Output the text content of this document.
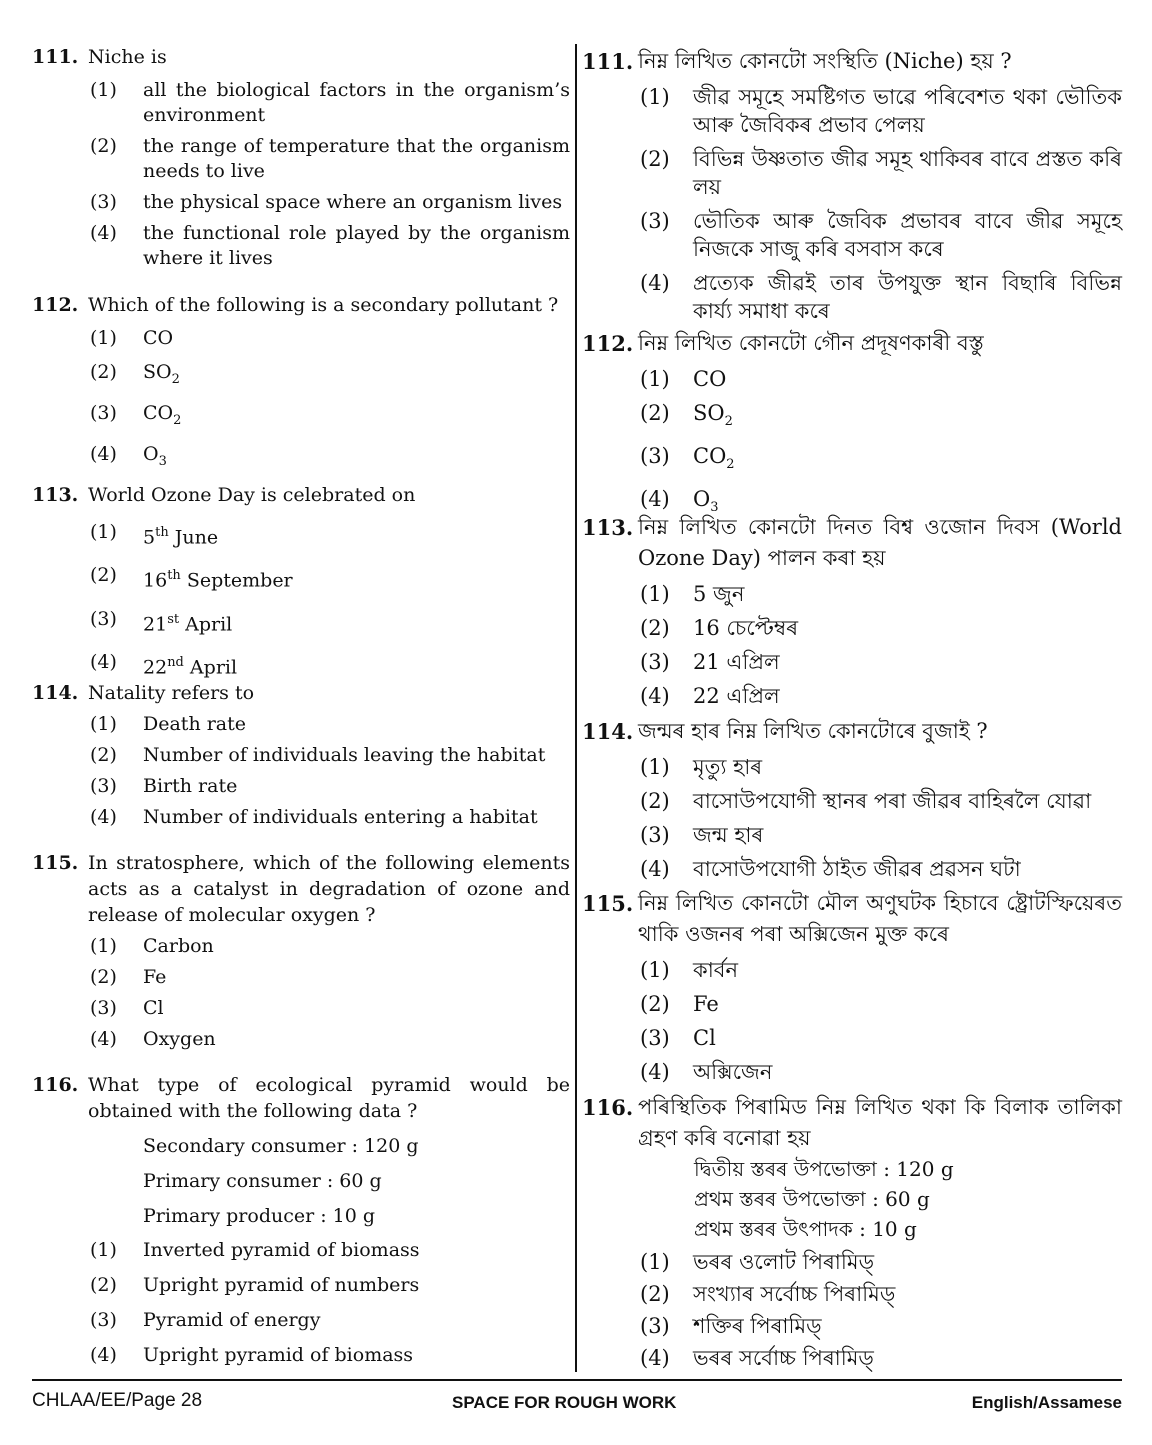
111. Niche is
(1)	all the biological factors in the organism’s environment
(2)	the range of temperature that the organism needs to live
(3)	the physical space where an organism lives
(4)	the functional role played by the organism where it lives
112. Which of the following is a secondary pollutant ?
(1)	CO
(2)	$SO_2$
(3)	$CO_2$
(4)	$O_3$
113. World Ozone Day is celebrated on
(1)	5th June
(2)	16th September
(3)	21st April
(4)	22nd April
114. Natality refers to
(1)	Death rate
(2)	Number of individuals leaving the habitat
(3)	Birth rate
(4)	Number of individuals entering a habitat
115. In stratosphere, which of the following elements acts as a catalyst in degradation of ozone and release of molecular oxygen ?
(1)	Carbon
(2)	Fe
(3)	Cl
(4)	Oxygen
116. What type of ecological pyramid would be obtained with the following data ?
Secondary consumer : 120 g
Primary consumer : 60 g
Primary producer : 10 g
(1)	Inverted pyramid of biomass
(2)	Upright pyramid of numbers
(3)	Pyramid of energy
(4)	Upright pyramid of biomass
111. নিম্ন লিখিত কোনটো সংস্থিতি (Niche) হয় ?
(1)	জীৱ সমূহে সমষ্টিগত ভাৱে পৰিবেশত থকা ভৌতিক আৰু জৈবিকৰ প্ৰভাব পেলয়
(2)	বিভিন্ন উষ্ণতাত জীৱ সমূহ থাকিবৰ বাবে প্ৰস্তত কৰি লয়
(3)	ভৌতিক আৰু জৈবিক প্ৰভাবৰ বাবে জীৱ সমূহে নিজকে সাজু কৰি বসবাস কৰে
(4)	প্ৰত্যেক জীৱই তাৰ উপযুক্ত স্থান বিছাৰি বিভিন্ন কাৰ্য্য সমাধা কৰে
112. নিম্ন লিখিত কোনটো গৌন প্ৰদূষণকাৰী বস্তু
(1)	CO
(2)	$SO_2$
(3)	$CO_2$
(4)	$O_3$
113. নিম্ন লিখিত কোনটো দিনত বিশ্ব ওজোন দিবস (World Ozone Day) পালন কৰা হয়
(1)	5 জুন
(2)	16 চেপ্টেম্বৰ
(3)	21 এপ্ৰিল
(4)	22 এপ্ৰিল
114. জন্মৰ হাৰ নিম্ন লিখিত কোনটোৰে বুজাই ?
(1)	মৃত্যু হাৰ
(2)	বাসোউপযোগী স্থানৰ পৰা জীৱৰ বাহিৰলৈ যোৱা
(3)	জন্ম হাৰ
(4)	বাসোউপযোগী ঠাইত জীৱৰ প্ৰৱসন ঘটা
115. নিম্ন লিখিত কোনটো মৌল অণুঘটক হিচাবে ষ্ট্ৰোটস্ফিয়েৰত থাকি ওজনৰ পৰা অক্সিজেন মুক্ত কৰে
(1)	কাৰ্বন
(2)	Fe
(3)	Cl
(4)	অক্সিজেন
116. পৰিস্থিতিক পিৰামিড নিম্ন লিখিত থকা কি বিলাক তালিকা গ্ৰহণ কৰি বনোৱা হয়
দ্বিতীয় স্তৰৰ উপভোক্তা : 120 g
প্ৰথম স্তৰৰ উপভোক্তা : 60 g
প্ৰথম স্তৰৰ উৎপাদক : 10 g
(1)	ভৰৰ ওলোট পিৰামিড্
(2)	সংখ্যাৰ সৰ্বোচ্চ পিৰামিড্
(3)	শক্তিৰ পিৰামিড্
(4)	ভৰৰ সৰ্বোচ্চ পিৰামিড্
CHLAA/EE/Page 28	SPACE FOR ROUGH WORK	English/Assamese
